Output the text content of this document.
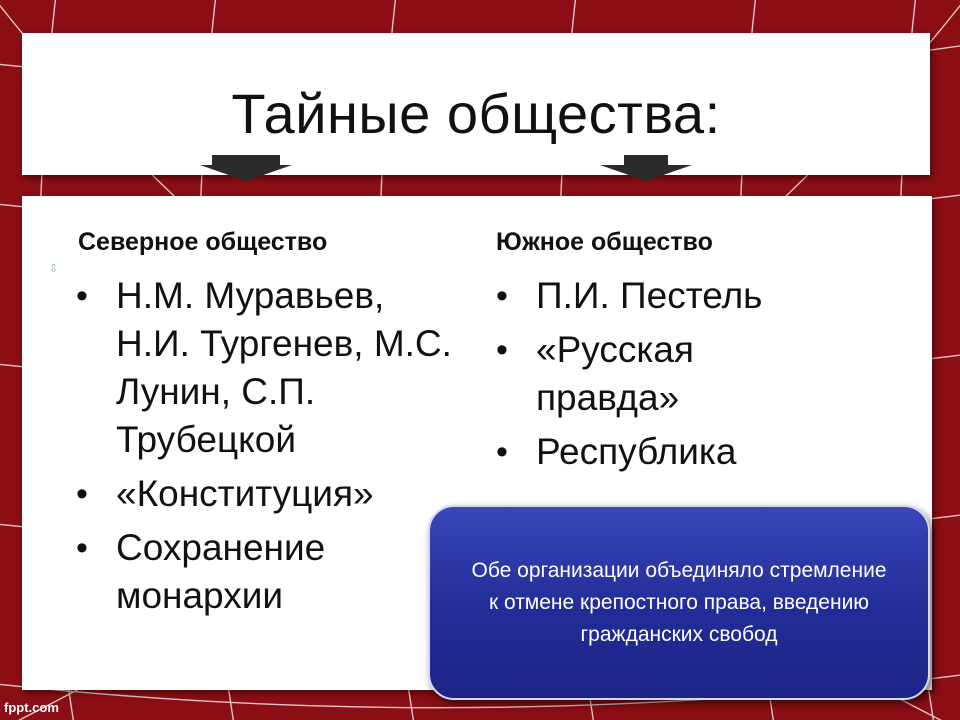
Тайные общества:
Северное общество
⇩
• Н.М. Муравьев, Н.И. Тургенев, М.С. Лунин, С.П. Трубецкой
• «Конституция»
• Сохранение монархии
Южное общество
• П.И. Пестель
• «Русская правда»
• Республика
Обе организации объединяло стремление к отмене крепостного права, введению гражданских свобод
fppt.com
